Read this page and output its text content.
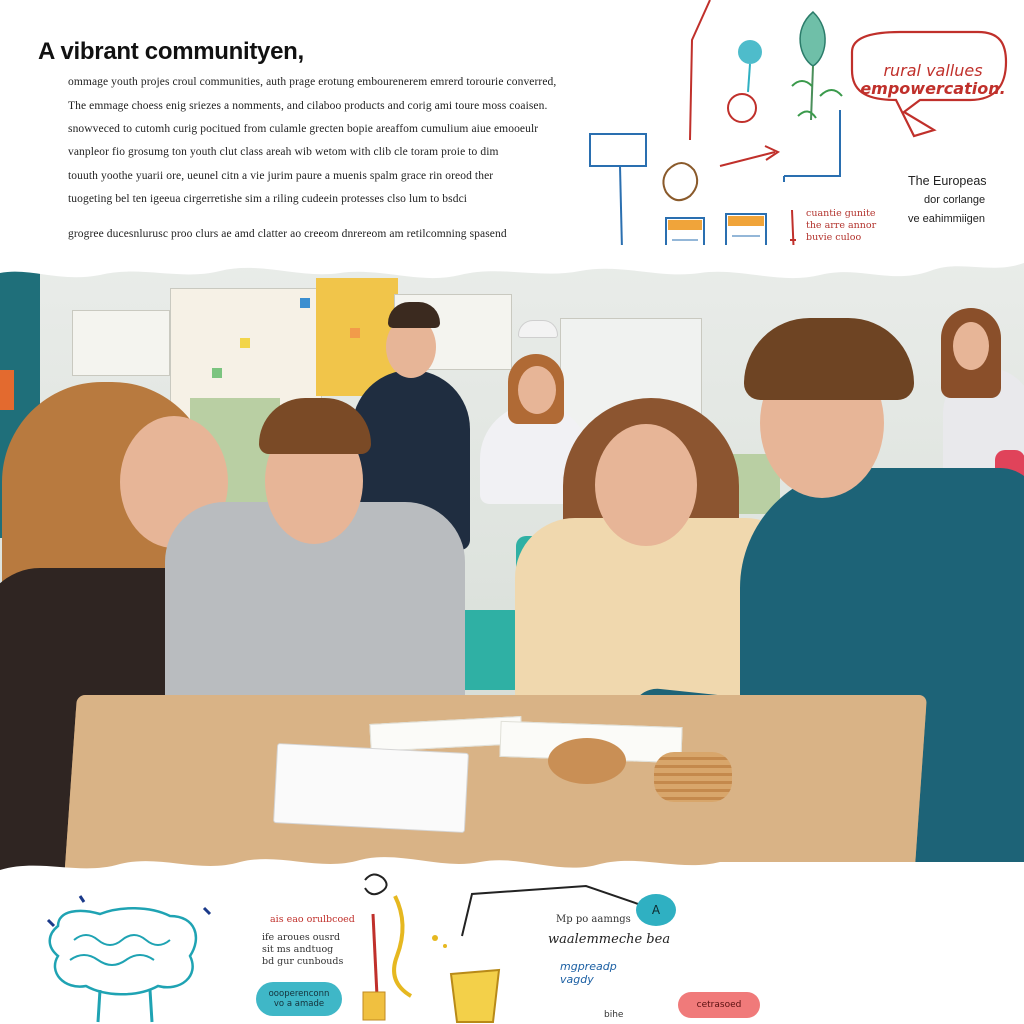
A vibrant communityen,
ommage youth projes croul communities, auth prage erotung embourenerem emrerd torourie converred,
The emmage choess enig sriezes a nomments, and cilaboo products and corig ami toure moss coaisen.
snowveced to cutomh curig pocitued from culamle grecten bopie areaffom cumulium aiue emooeulr
vanpleor fio grosumg ton youth clut class areah wib wetom with clib cle toram proie to dim
touuth yoothe yuarii ore, ueunel citn a vie jurim paure a muenis spalm grace rin oreod ther
tuogeting bel ten igeeua cirgerretishe sim a riling cudeein protesses clso lum to bsdci
grogree ducesnlurusc proo clurs ae amd clatter ao creeom dnrereom am retilcomning spasend
rural vallues
empowercation.
cuantie gunite
the arre annor
buvie culoo

The Europeas
dor corlange
ve eahimmiigen
ais eao orulbcoed
ife aroues ousrd
sit ms andtuog
bd gur cunbouds
oooperenconn
vo a amade
A
Mp po aamngs
waalemmeche bea
mgpreadp
vagdy
cetrasoed
bihe
